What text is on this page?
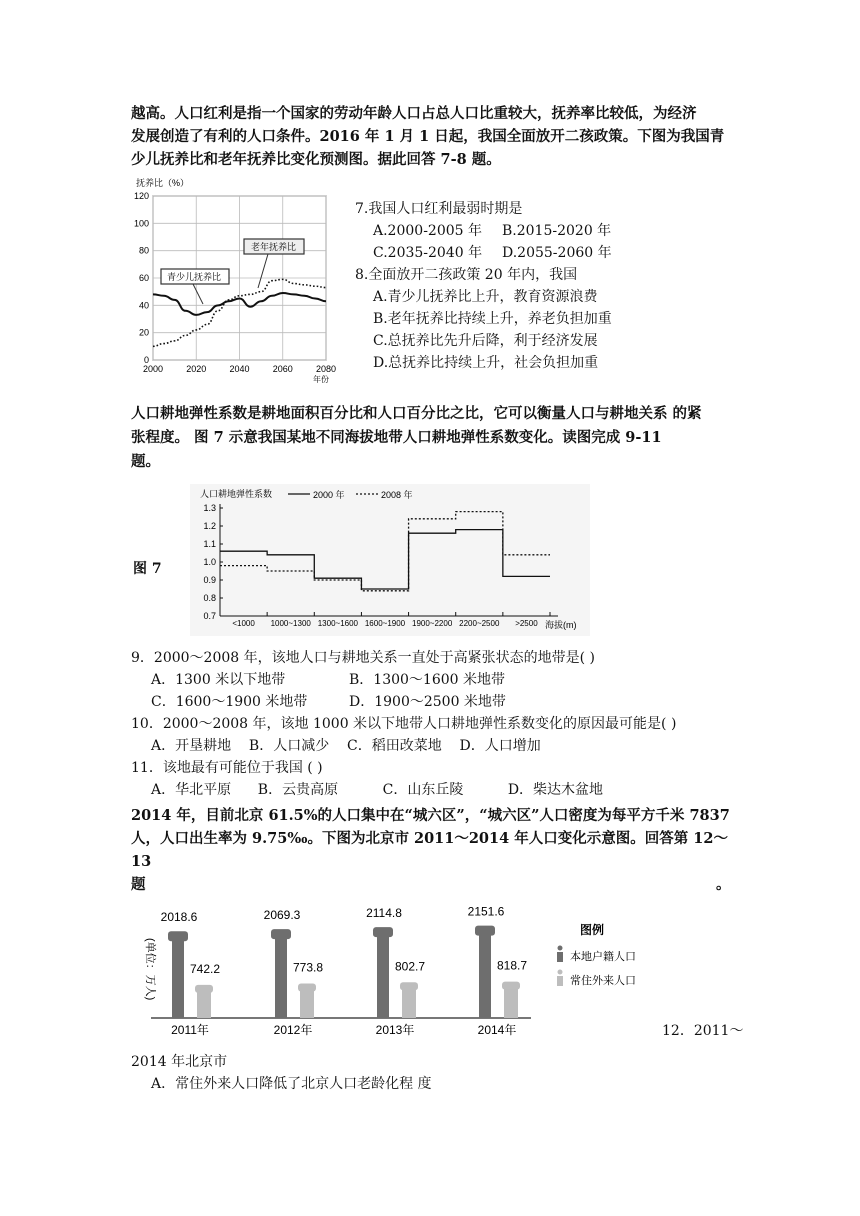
越高。人口红利是指一个国家的劳动年龄人口占总人口比重较大，抚养率比较低，为经济

发展创造了有利的人口条件。2016 年 1 月 1 日起，我国全面放开二孩政策。下图为我国青

少儿抚养比和老年抚养比变化预测图。据此回答 7-8 题。

0
20
40
60
80
100
120
2000	2020	2040	2060	2080
抚养比（%）
年份
青少儿抚养比
老年抚养比

7.我国人口红利最弱时期是

A.2000-2005 年 B.2015-2020 年

C.2035-2040 年 D.2055-2060 年

8.全面放开二孩政策 20 年内，我国

A.青少儿抚养比上升，教育资源浪费

B.老年抚养比持续上升，养老负担加重

C.总抚养比先升后降，利于经济发展

D.总抚养比持续上升，社会负担加重

人口耕地弹性系数是耕地面积百分比和人口百分比之比，它可以衡量人口与耕地关系 的紧

张程度。 图 7 示意我国某地不同海拔地带人口耕地弹性系数变化。读图完成 9-11

题。

图 7
人口耕地弹性系数	2000 年	2008 年
0.7
0.8
0.9
1.0
1.1
1.2
1.3
<1000 1000~1300 1300~1600 1600~1900 1900~2200 2200~2500 >2500 海拔(m)

9．2000～2008 年，该地人口与耕地关系一直处于高紧张状态的地带是( )

A．1300 米以下地带	B．1300～1600 米地带

C．1600～1900 米地带	D．1900～2500 米地带

10．2000～2008 年，该地 1000 米以下地带人口耕地弹性系数变化的原因最可能是( )

A．开垦耕地    B．人口减少    C．稻田改菜地    D．人口增加

11．该地最有可能位于我国 ( )

A．华北平原      B．云贵高原          C．山东丘陵          D．柴达木盆地

2014 年，目前北京 61.5%的人口集中在“城六区”，“城六区”人口密度为每平方千米 7837

人，人口出生率为 9.75‰。下图为北京市 2011～2014 年人口变化示意图。回答第 12～13

题	。

(单位：万人)
2018.6
742.2
2011年
2069.3
773.8
2012年
2114.8
802.7
2013年
2151.6
818.7
2014年
图例
本地户籍人口
常住外来人口
12．2011～

2014 年北京市

A．常住外来人口降低了北京人口老龄化程 度
